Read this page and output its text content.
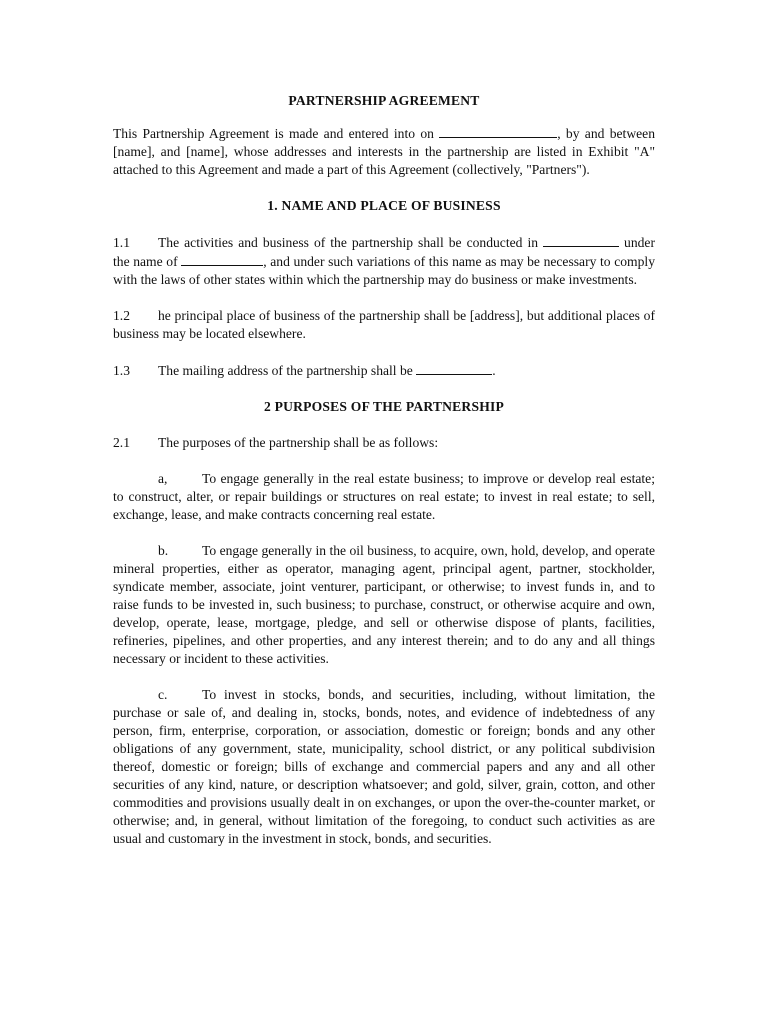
PARTNERSHIP AGREEMENT

This Partnership Agreement is made and entered into on	, by and between [name], and [name], whose addresses and interests in the partnership are listed in Exhibit "A" attached to this Agreement and made a part of this Agreement (collectively, "Partners").

1. NAME AND PLACE OF BUSINESS

1.1 The activities and business of the partnership shall be conducted in	under the name of	, and under such variations of this name as may be necessary to comply with the laws of other states within which the partnership may do business or make investments.

1.2 he principal place of business of the partnership shall be [address], but additional places of business may be located elsewhere.

1.3 The mailing address of the partnership shall be	.

2 PURPOSES OF THE PARTNERSHIP

2.1 The purposes of the partnership shall be as follows:

a,	To engage generally in the real estate business; to improve or develop real estate; to construct, alter, or repair buildings or structures on real estate; to invest in real estate; to sell, exchange, lease, and make contracts concerning real estate.

b. To engage generally in the oil business, to acquire, own, hold, develop, and operate mineral properties, either as operator, managing agent, principal agent, partner, stockholder, syndicate member, associate, joint venturer, participant, or otherwise; to invest funds in, and to raise funds to be invested in, such business; to purchase, construct, or otherwise acquire and own, develop, operate, lease, mortgage, pledge, and sell or otherwise dispose of plants, facilities, refineries, pipelines, and other properties, and any interest therein; and to do any and all things necessary or incident to these activities.

c.	To invest in stocks, bonds, and securities, including, without limitation, the purchase or sale of, and dealing in, stocks, bonds, notes, and evidence of indebtedness of any person, firm, enterprise, corporation, or association, domestic or foreign; bonds and any other obligations of any government, state, municipality, school district, or any political subdivision thereof, domestic or foreign; bills of exchange and commercial papers and any and all other securities of any kind, nature, or description whatsoever; and gold, silver, grain, cotton, and other commodities and provisions usually dealt in on exchanges, or upon the over-the-counter market, or otherwise; and, in general, without limitation of the foregoing, to conduct such activities as are usual and customary in the investment in stock, bonds, and securities.
